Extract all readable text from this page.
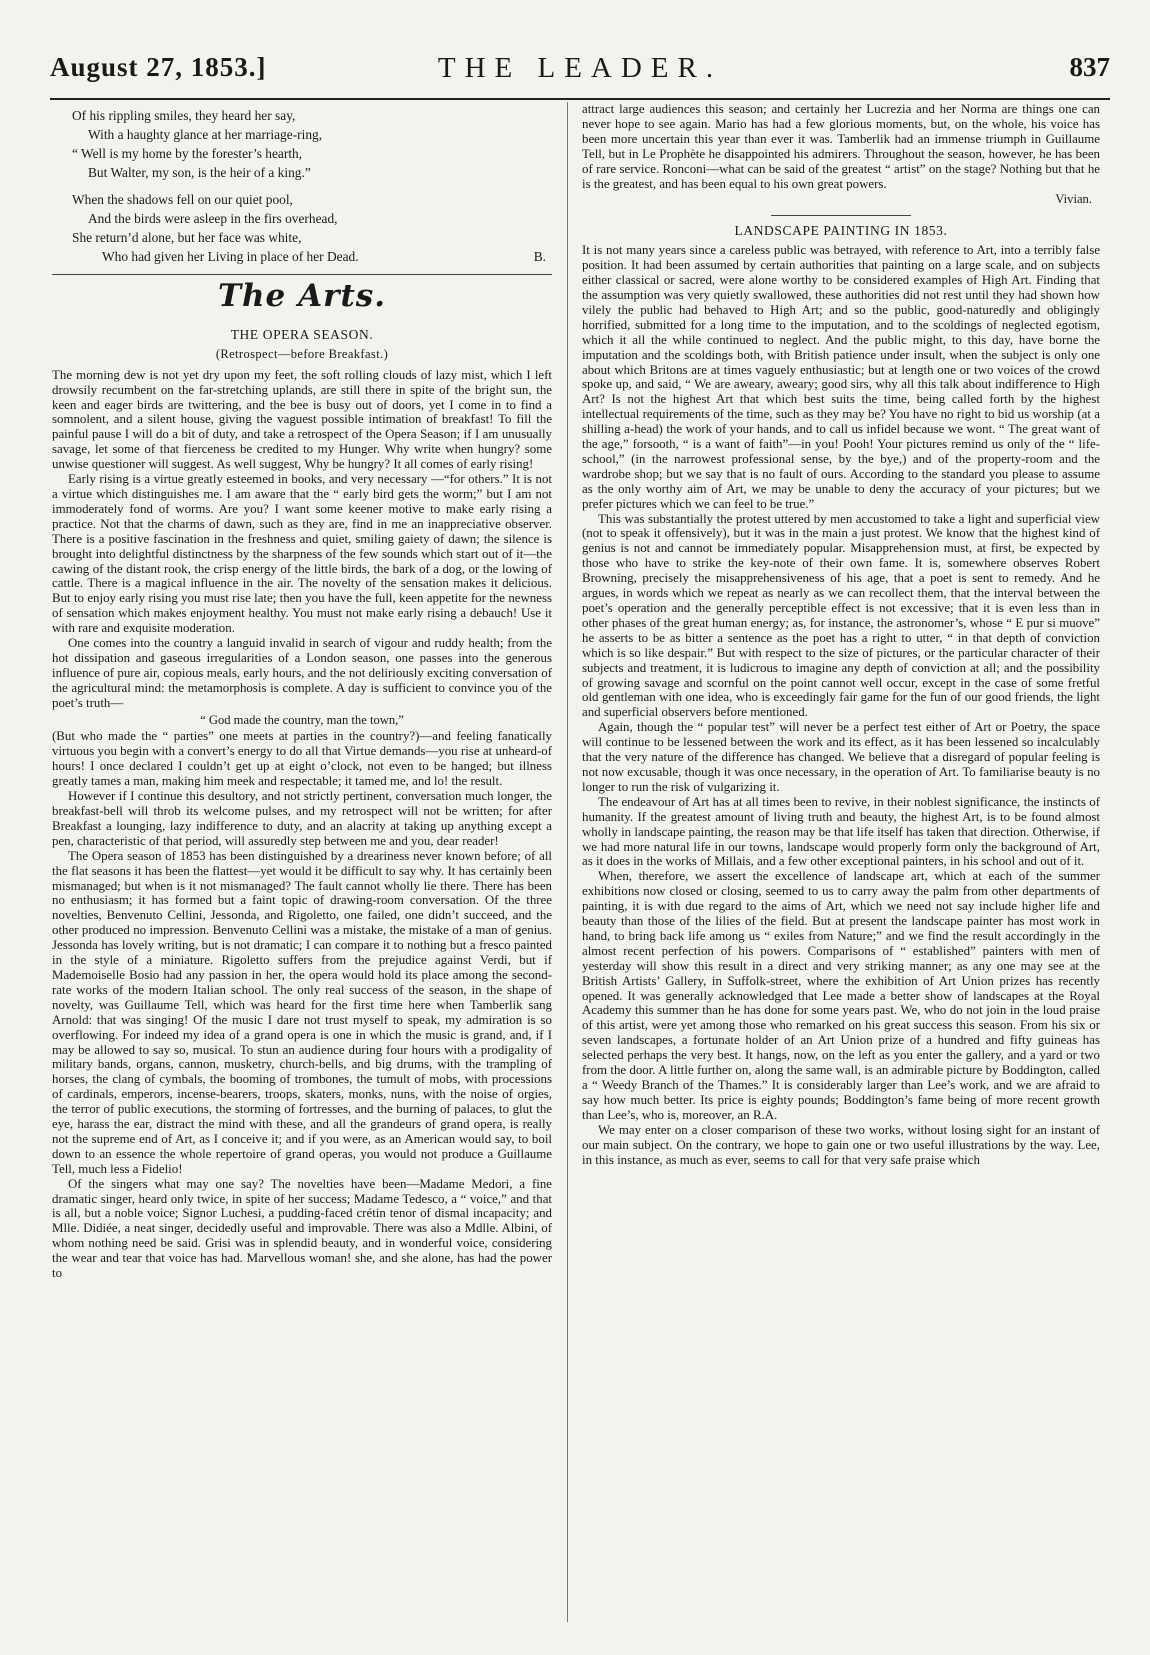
August 27, 1853.]	THE LEADER.	837
Of his rippling smiles, they heard her say,
With a haughty glance at her marriage-ring,
“ Well is my home by the forester’s hearth,
But Walter, my son, is the heir of a king.”
When the shadows fell on our quiet pool,
And the birds were asleep in the firs overhead,
She return’d alone, but her face was white,
Who had given her Living in place of her Dead.	B.
The Arts.
THE OPERA SEASON.
(Retrospect—before Breakfast.)

The morning dew is not yet dry upon my feet, the soft rolling clouds of lazy mist, which I left drowsily recumbent on the far-stretching uplands, are still there in spite of the bright sun, the keen and eager birds are twittering, and the bee is busy out of doors, yet I come in to find a somnolent, and a silent house, giving the vaguest possible intimation of breakfast! To fill the painful pause I will do a bit of duty, and take a retrospect of the Opera Season; if I am unusually savage, let some of that fierceness be credited to my Hunger. Why write when hungry? some unwise questioner will suggest. As well suggest, Why be hungry? It all comes of early rising!

Early rising is a virtue greatly esteemed in books, and very necessary —“for others.” It is not a virtue which distinguishes me. I am aware that the “ early bird gets the worm;” but I am not immoderately fond of worms. Are you? I want some keener motive to make early rising a practice. Not that the charms of dawn, such as they are, find in me an inappreciative observer. There is a positive fascination in the freshness and quiet, smiling gaiety of dawn; the silence is brought into delightful distinctness by the sharpness of the few sounds which start out of it—the cawing of the distant rook, the crisp energy of the little birds, the bark of a dog, or the lowing of cattle. There is a magical influence in the air. The novelty of the sensation makes it delicious. But to enjoy early rising you must rise late; then you have the full, keen appetite for the newness of sensation which makes enjoyment healthy. You must not make early rising a debauch! Use it with rare and exquisite moderation.

One comes into the country a languid invalid in search of vigour and ruddy health; from the hot dissipation and gaseous irregularities of a London season, one passes into the generous influence of pure air, copious meals, early hours, and the not deliriously exciting conversation of the agricultural mind: the metamorphosis is complete. A day is sufficient to convince you of the poet’s truth—

“ God made the country, man the town,”

(But who made the “ parties” one meets at parties in the country?)—and feeling fanatically virtuous you begin with a convert’s energy to do all that Virtue demands—you rise at unheard-of hours! I once declared I couldn’t get up at eight o’clock, not even to be hanged; but illness greatly tames a man, making him meek and respectable; it tamed me, and lo! the result.

However if I continue this desultory, and not strictly pertinent, conversation much longer, the breakfast-bell will throb its welcome pulses, and my retrospect will not be written; for after Breakfast a lounging, lazy indifference to duty, and an alacrity at taking up anything except a pen, characteristic of that period, will assuredly step between me and you, dear reader!

The Opera season of 1853 has been distinguished by a dreariness never known before; of all the flat seasons it has been the flattest—yet would it be difficult to say why. It has certainly been mismanaged; but when is it not mismanaged? The fault cannot wholly lie there. There has been no enthusiasm; it has formed but a faint topic of drawing-room conversation. Of the three novelties, Benvenuto Cellini, Jessonda, and Rigoletto, one failed, one didn’t succeed, and the other produced no impression. Benvenuto Cellini was a mistake, the mistake of a man of genius. Jessonda has lovely writing, but is not dramatic; I can compare it to nothing but a fresco painted in the style of a miniature. Rigoletto suffers from the prejudice against Verdi, but if Mademoiselle Bosio had any passion in her, the opera would hold its place among the second-rate works of the modern Italian school. The only real success of the season, in the shape of novelty, was Guillaume Tell, which was heard for the first time here when Tamberlik sang Arnold: that was singing! Of the music I dare not trust myself to speak, my admiration is so overflowing. For indeed my idea of a grand opera is one in which the music is grand, and, if I may be allowed to say so, musical. To stun an audience during four hours with a prodigality of military bands, organs, cannon, musketry, church-bells, and big drums, with the trampling of horses, the clang of cymbals, the booming of trombones, the tumult of mobs, with processions of cardinals, emperors, incense-bearers, troops, skaters, monks, nuns, with the noise of orgies, the terror of public executions, the storming of fortresses, and the burning of palaces, to glut the eye, harass the ear, distract the mind with these, and all the grandeurs of grand opera, is really not the supreme end of Art, as I conceive it; and if you were, as an American would say, to boil down to an essence the whole repertoire of grand operas, you would not produce a Guillaume Tell, much less a Fidelio!

Of the singers what may one say? The novelties have been—Madame Medori, a fine dramatic singer, heard only twice, in spite of her success; Madame Tedesco, a “ voice,” and that is all, but a noble voice; Signor Luchesi, a pudding-faced crétin tenor of dismal incapacity; and Mlle. Didiée, a neat singer, decidedly useful and improvable. There was also a Mdlle. Albini, of whom nothing need be said. Grisi was in splendid beauty, and in wonderful voice, considering the wear and tear that voice has had. Marvellous woman! she, and she alone, has had the power to

attract large audiences this season; and certainly her Lucrezia and her Norma are things one can never hope to see again. Mario has had a few glorious moments, but, on the whole, his voice has been more uncertain this year than ever it was. Tamberlik had an immense triumph in Guillaume Tell, but in Le Prophète he disappointed his admirers. Throughout the season, however, he has been of rare service. Ronconi—what can be said of the greatest “ artist” on the stage? Nothing but that he is the greatest, and has been equal to his own great powers.

Vivian.
LANDSCAPE PAINTING IN 1853.

It is not many years since a careless public was betrayed, with reference to Art, into a terribly false position. It had been assumed by certain authorities that painting on a large scale, and on subjects either classical or sacred, were alone worthy to be considered examples of High Art. Finding that the assumption was very quietly swallowed, these authorities did not rest until they had shown how vilely the public had behaved to High Art; and so the public, good-naturedly and obligingly horrified, submitted for a long time to the imputation, and to the scoldings of neglected egotism, which it all the while continued to neglect. And the public might, to this day, have borne the imputation and the scoldings both, with British patience under insult, when the subject is only one about which Britons are at times vaguely enthusiastic; but at length one or two voices of the crowd spoke up, and said, “ We are aweary, aweary; good sirs, why all this talk about indifference to High Art? Is not the highest Art that which best suits the time, being called forth by the highest intellectual requirements of the time, such as they may be? You have no right to bid us worship (at a shilling a-head) the work of your hands, and to call us infidel because we wont. “ The great want of the age,” forsooth, “ is a want of faith”—in you! Pooh! Your pictures remind us only of the “ life-school,” (in the narrowest professional sense, by the bye,) and of the property-room and the wardrobe shop; but we say that is no fault of ours. According to the standard you please to assume as the only worthy aim of Art, we may be unable to deny the accuracy of your pictures; but we prefer pictures which we can feel to be true.”

This was substantially the protest uttered by men accustomed to take a light and superficial view (not to speak it offensively), but it was in the main a just protest. We know that the highest kind of genius is not and cannot be immediately popular. Misapprehension must, at first, be expected by those who have to strike the key-note of their own fame. It is, somewhere observes Robert Browning, precisely the misapprehensiveness of his age, that a poet is sent to remedy. And he argues, in words which we repeat as nearly as we can recollect them, that the interval between the poet’s operation and the generally perceptible effect is not excessive; that it is even less than in other phases of the great human energy; as, for instance, the astronomer’s, whose “ E pur si muove” he asserts to be as bitter a sentence as the poet has a right to utter, “ in that depth of conviction which is so like despair.” But with respect to the size of pictures, or the particular character of their subjects and treatment, it is ludicrous to imagine any depth of conviction at all; and the possibility of growing savage and scornful on the point cannot well occur, except in the case of some fretful old gentleman with one idea, who is exceedingly fair game for the fun of our good friends, the light and superficial observers before mentioned.

Again, though the “ popular test” will never be a perfect test either of Art or Poetry, the space will continue to be lessened between the work and its effect, as it has been lessened so incalculably that the very nature of the difference has changed. We believe that a disregard of popular feeling is not now excusable, though it was once necessary, in the operation of Art. To familiarise beauty is no longer to run the risk of vulgarizing it.

The endeavour of Art has at all times been to revive, in their noblest significance, the instincts of humanity. If the greatest amount of living truth and beauty, the highest Art, is to be found almost wholly in landscape painting, the reason may be that life itself has taken that direction. Otherwise, if we had more natural life in our towns, landscape would properly form only the background of Art, as it does in the works of Millais, and a few other exceptional painters, in his school and out of it.

When, therefore, we assert the excellence of landscape art, which at each of the summer exhibitions now closed or closing, seemed to us to carry away the palm from other departments of painting, it is with due regard to the aims of Art, which we need not say include higher life and beauty than those of the lilies of the field. But at present the landscape painter has most work in hand, to bring back life among us “ exiles from Nature;” and we find the result accordingly in the almost recent perfection of his powers. Comparisons of “ established” painters with men of yesterday will show this result in a direct and very striking manner; as any one may see at the British Artists’ Gallery, in Suffolk-street, where the exhibition of Art Union prizes has recently opened. It was generally acknowledged that Lee made a better show of landscapes at the Royal Academy this summer than he has done for some years past. We, who do not join in the loud praise of this artist, were yet among those who remarked on his great success this season. From his six or seven landscapes, a fortunate holder of an Art Union prize of a hundred and fifty guineas has selected perhaps the very best. It hangs, now, on the left as you enter the gallery, and a yard or two from the door. A little further on, along the same wall, is an admirable picture by Boddington, called a “ Weedy Branch of the Thames.” It is considerably larger than Lee’s work, and we are afraid to say how much better. Its price is eighty pounds; Boddington’s fame being of more recent growth than Lee’s, who is, moreover, an R.A.

We may enter on a closer comparison of these two works, without losing sight for an instant of our main subject. On the contrary, we hope to gain one or two useful illustrations by the way. Lee, in this instance, as much as ever, seems to call for that very safe praise which
